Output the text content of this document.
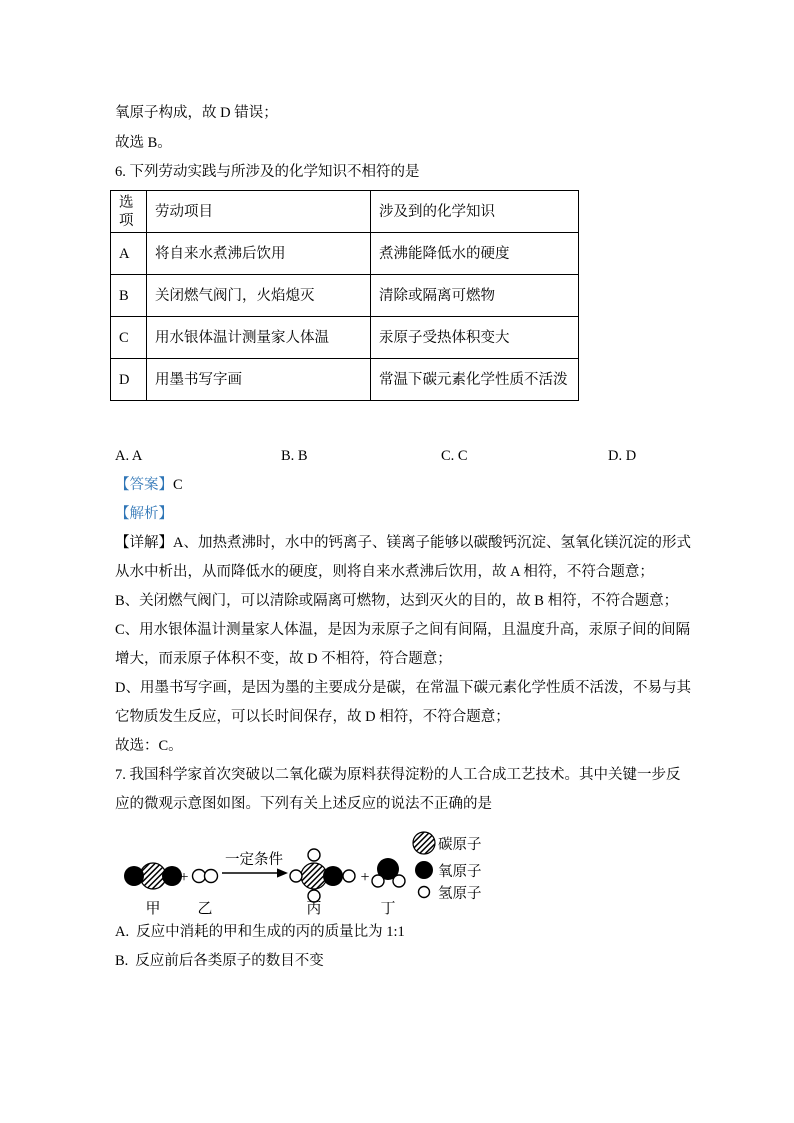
氧原子构成，故 D 错误；

故选 B。

6. 下列劳动实践与所涉及的化学知识不相符的是

选项	劳动项目	涉及到的化学知识
A	将自来水煮沸后饮用	煮沸能降低水的硬度
B	关闭燃气阀门，火焰熄灭	清除或隔离可燃物
C	用水银体温计测量家人体温	汞原子受热体积变大
D	用墨书写字画	常温下碳元素化学性质不活泼
A. A	B. B	C. C	D. D

【答案】C

【解析】

【详解】A、加热煮沸时，水中的钙离子、镁离子能够以碳酸钙沉淀、氢氧化镁沉淀的形式从水中析出，从而降低水的硬度，则将自来水煮沸后饮用，故 A 相符，不符合题意；

B、关闭燃气阀门，可以清除或隔离可燃物，达到灭火的目的，故 B 相符，不符合题意；

C、用水银体温计测量家人体温，是因为汞原子之间有间隔，且温度升高，汞原子间的间隔增大，而汞原子体积不变，故 D 不相符，符合题意；

D、用墨书写字画，是因为墨的主要成分是碳，在常温下碳元素化学性质不活泼，不易与其它物质发生反应，可以长时间保存，故 D 相符，不符合题意；

故选：C。

7. 我国科学家首次突破以二氧化碳为原料获得淀粉的人工合成工艺技术。其中关键一步反应的微观示意图如图。下列有关上述反应的说法不正确的是

+
一定条件
+
甲 乙	丙	丁
碳原子
氧原子
氢原子

A. 反应中消耗的甲和生成的丙的质量比为 1:1

B. 反应前后各类原子的数目不变
